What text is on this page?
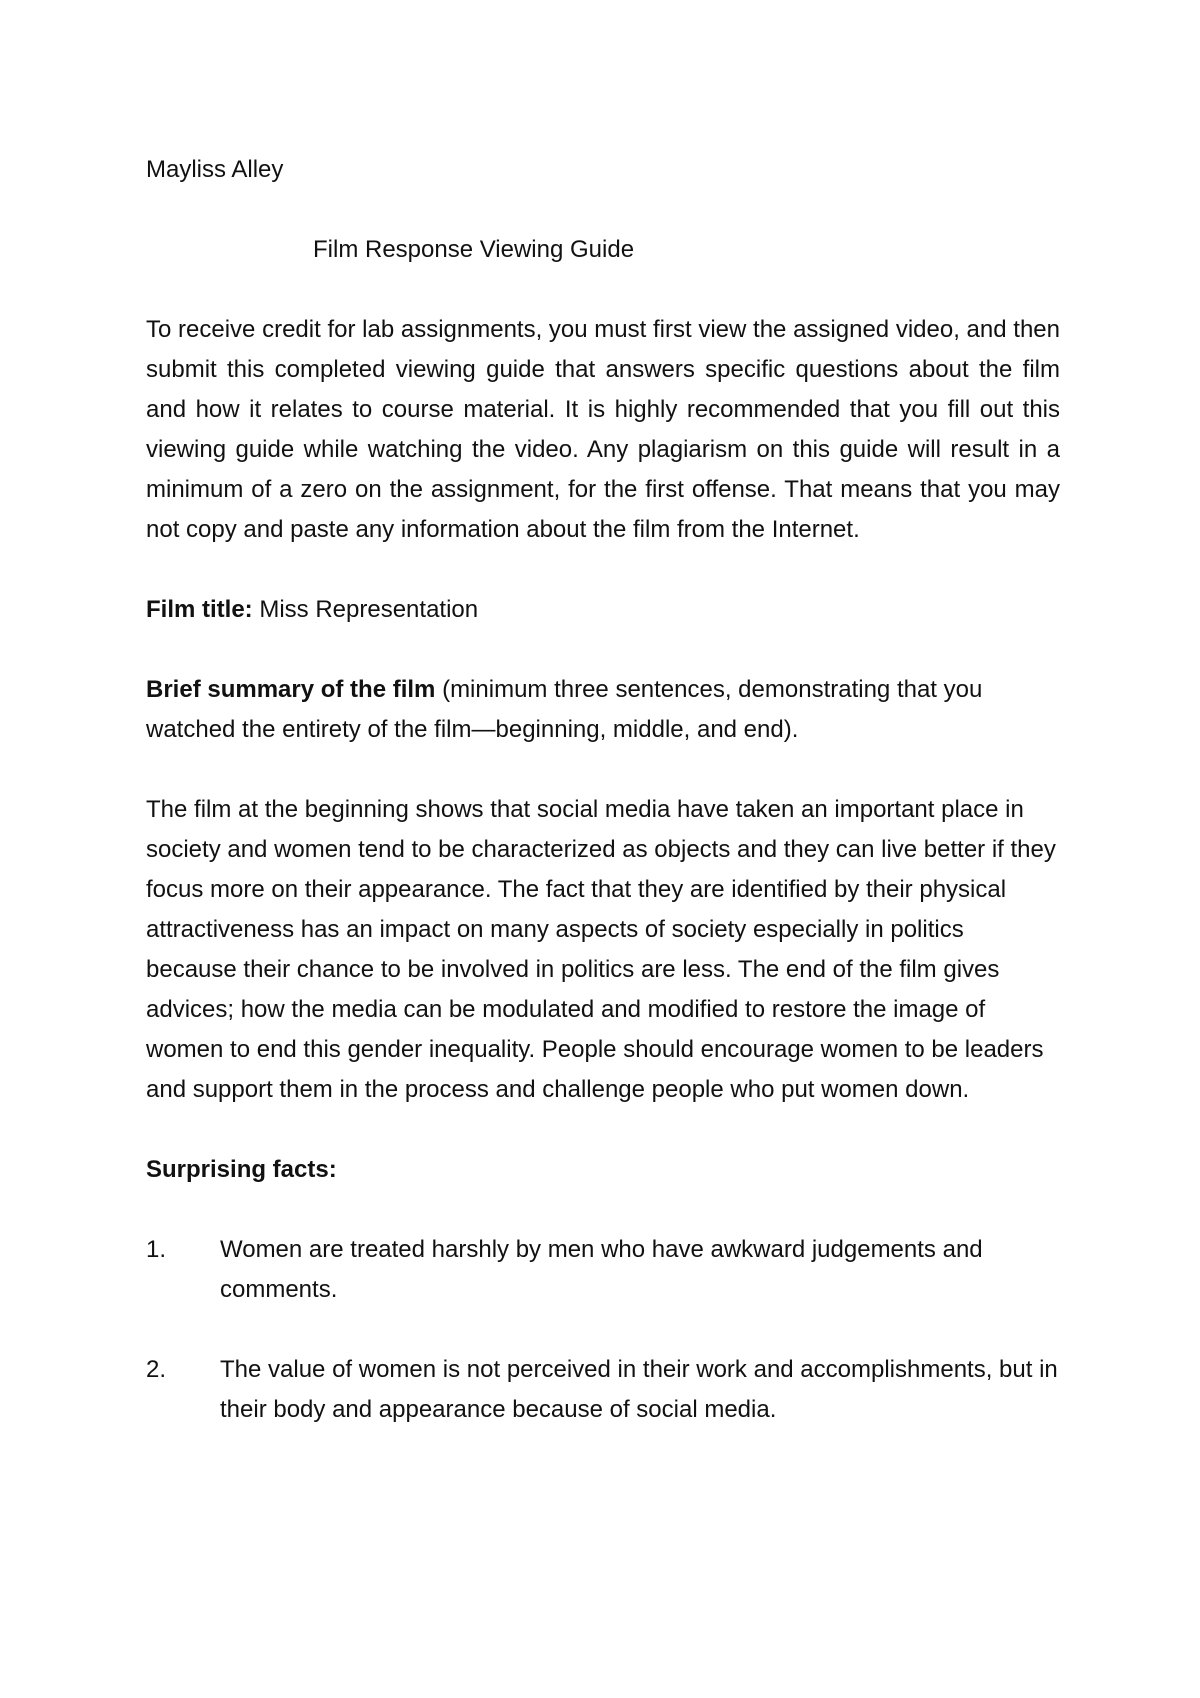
Mayliss Alley
Film Response Viewing Guide
To receive credit for lab assignments, you must first view the assigned video, and then submit this completed viewing guide that answers specific questions about the film and how it relates to course material. It is highly recommended that you fill out this viewing guide while watching the video. Any plagiarism on this guide will result in a minimum of a zero on the assignment, for the first offense. That means that you may not copy and paste any information about the film from the Internet.
Film title: Miss Representation
Brief summary of the film (minimum three sentences, demonstrating that you watched the entirety of the film—beginning, middle, and end).
The film at the beginning shows that social media have taken an important place in society and women tend to be characterized as objects and they can live better if they focus more on their appearance. The fact that they are identified by their physical attractiveness has an impact on many aspects of society especially in politics because their chance to be involved in politics are less. The end of the film gives advices; how the media can be modulated and modified to restore the image of women to end this gender inequality. People should encourage women to be leaders and support them in the process and challenge people who put women down.
Surprising facts:
1.	Women are treated harshly by men who have awkward judgements and comments.
2.	The value of women is not perceived in their work and accomplishments, but in their body and appearance because of social media.
